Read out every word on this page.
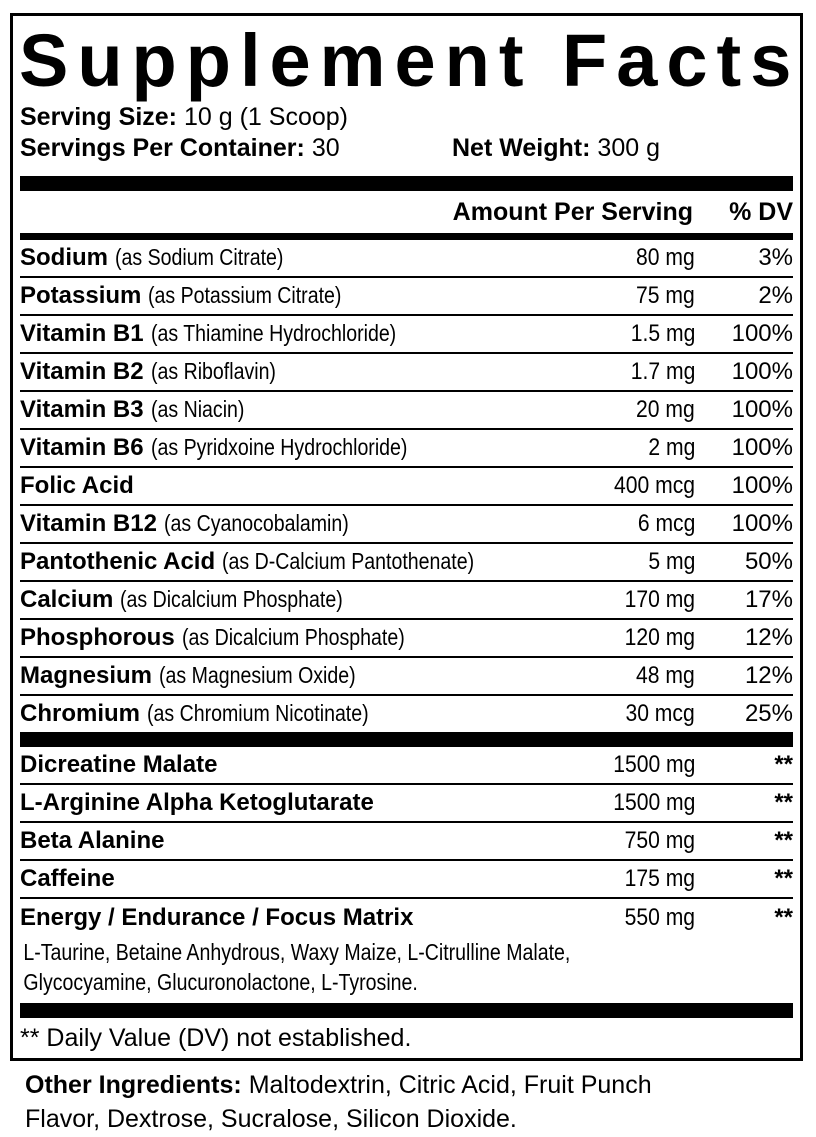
Supplement Facts
Serving Size: 10 g (1 Scoop)
Servings Per Container: 30	Net Weight: 300 g
Amount Per Serving	% DV
Sodium (as Sodium Citrate)	80 mg	3%
Potassium (as Potassium Citrate)	75 mg	2%
Vitamin B1 (as Thiamine Hydrochloride)	1.5 mg	100%
Vitamin B2 (as Riboflavin)	1.7 mg	100%
Vitamin B3 (as Niacin)	20 mg	100%
Vitamin B6 (as Pyridxoine Hydrochloride)	2 mg	100%
Folic Acid	400 mcg	100%
Vitamin B12 (as Cyanocobalamin)	6 mcg	100%
Pantothenic Acid (as D-Calcium Pantothenate)	5 mg	50%
Calcium (as Dicalcium Phosphate)	170 mg	17%
Phosphorous (as Dicalcium Phosphate)	120 mg	12%
Magnesium (as Magnesium Oxide)	48 mg	12%
Chromium (as Chromium Nicotinate)	30 mcg	25%
Dicreatine Malate	1500 mg	**
L-Arginine Alpha Ketoglutarate	1500 mg	**
Beta Alanine	750 mg	**
Caffeine	175 mg	**
Energy / Endurance / Focus Matrix	550 mg	**
L-Taurine, Betaine Anhydrous, Waxy Maize, L-Citrulline Malate, Glycocyamine, Glucuronolactone, L-Tyrosine.
** Daily Value (DV) not established.

Other Ingredients: Maltodextrin, Citric Acid, Fruit Punch Flavor, Dextrose, Sucralose, Silicon Dioxide.
